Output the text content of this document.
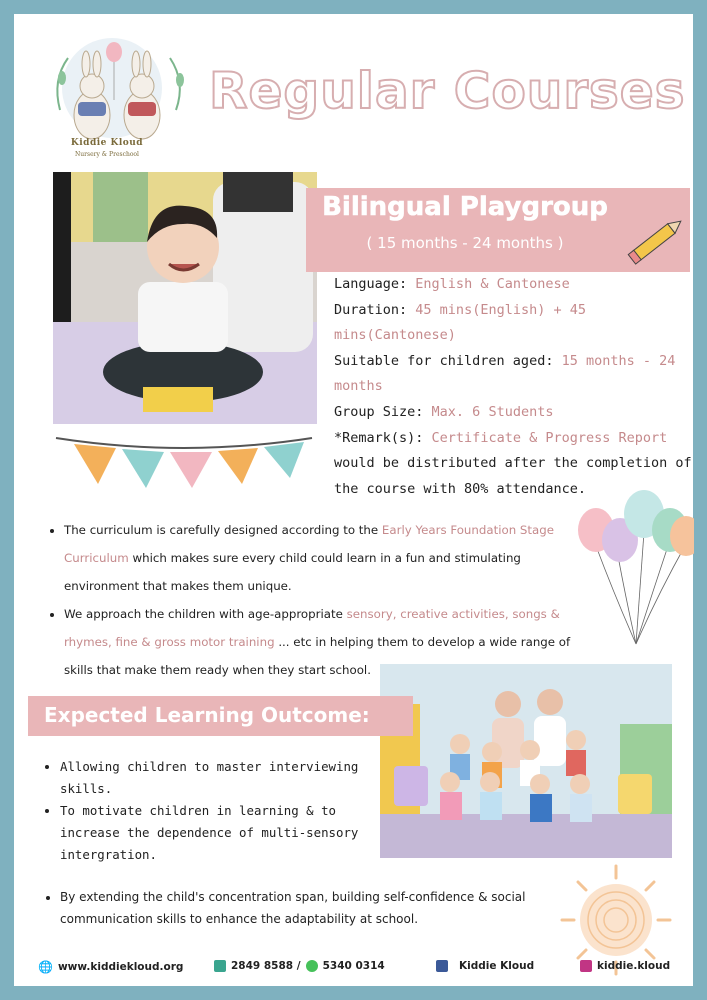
Kiddie Kloud
Nursery & Preschool
Regular Courses
Bilingual Playgroup
( 15 months - 24 months )
Language: English & Cantonese
Duration: 45 mins(English) + 45 mins(Cantonese)
Suitable for children aged: 15 months - 24 months
Group Size: Max. 6 Students
*Remark(s): Certificate & Progress Report would be distributed after the completion of the course with 80% attendance.
• The curriculum is carefully designed according to the Early Years Foundation Stage Curriculum which makes sure every child could learn in a fun and stimulating environment that makes them unique.
• We approach the children with age-appropriate sensory, creative activities, songs & rhymes, fine & gross motor training ... etc in helping them to develop a wide range of skills that make them ready when they start school.
Expected Learning Outcome:
• Allowing children to master interviewing skills.
• To motivate children in learning & to increase the dependence of multi-sensory intergration.
• By extending the child's concentration span, building self-confidence & social communication skills to enhance the adaptability at school.
🌐 www.kiddiekloud.org	2849 8588 / 5340 0314	Kiddie Kloud	kiddie.kloud
